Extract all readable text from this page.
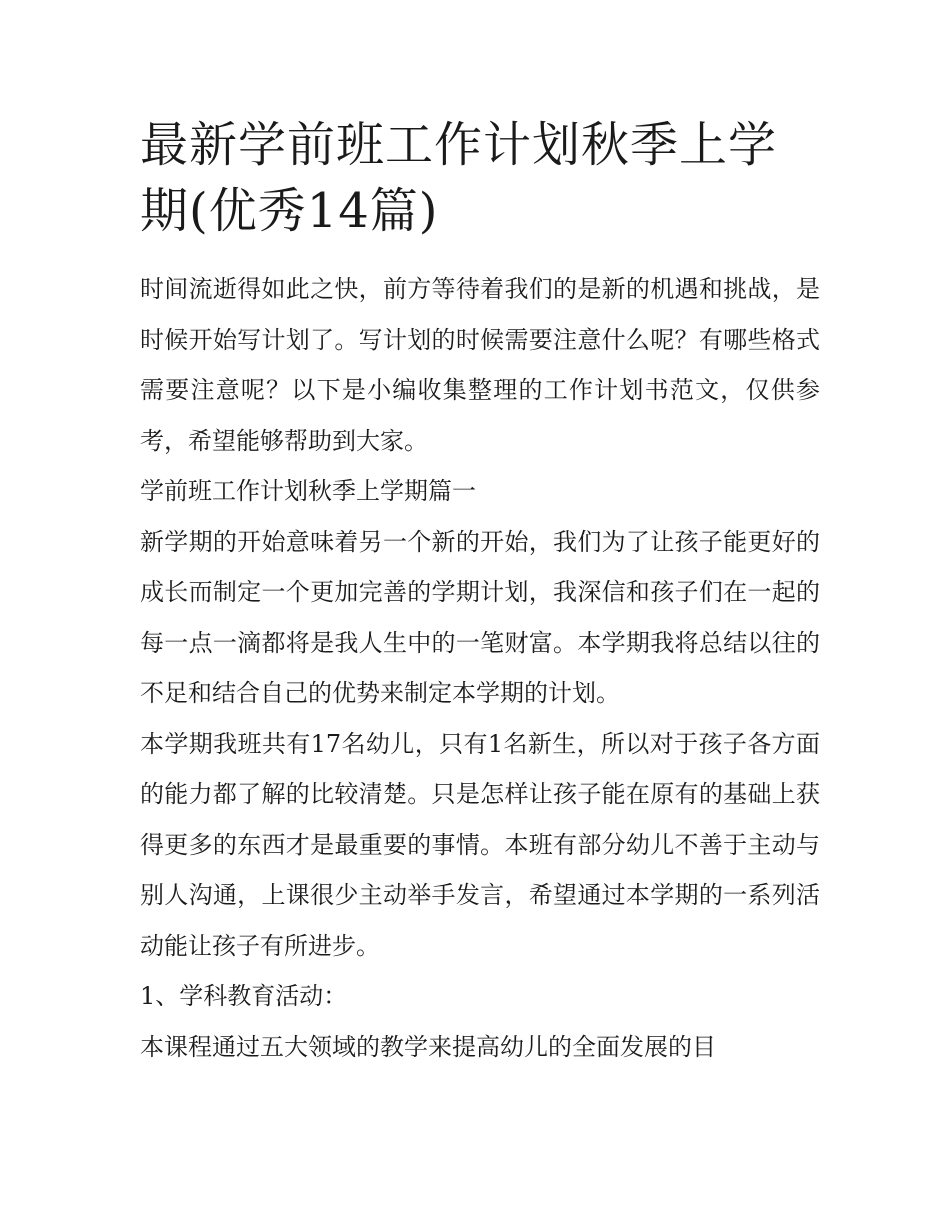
最新学前班工作计划秋季上学期(优秀14篇)

时间流逝得如此之快，前方等待着我们的是新的机遇和挑战，是时候开始写计划了。写计划的时候需要注意什么呢？有哪些格式需要注意呢？以下是小编收集整理的工作计划书范文，仅供参考，希望能够帮助到大家。

学前班工作计划秋季上学期篇一

新学期的开始意味着另一个新的开始，我们为了让孩子能更好的成长而制定一个更加完善的学期计划，我深信和孩子们在一起的每一点一滴都将是我人生中的一笔财富。本学期我将总结以往的不足和结合自己的优势来制定本学期的计划。

本学期我班共有17名幼儿，只有1名新生，所以对于孩子各方面的能力都了解的比较清楚。只是怎样让孩子能在原有的基础上获得更多的东西才是最重要的事情。本班有部分幼儿不善于主动与别人沟通，上课很少主动举手发言，希望通过本学期的一系列活动能让孩子有所进步。

1、学科教育活动：

本课程通过五大领域的教学来提高幼儿的全面发展的目
